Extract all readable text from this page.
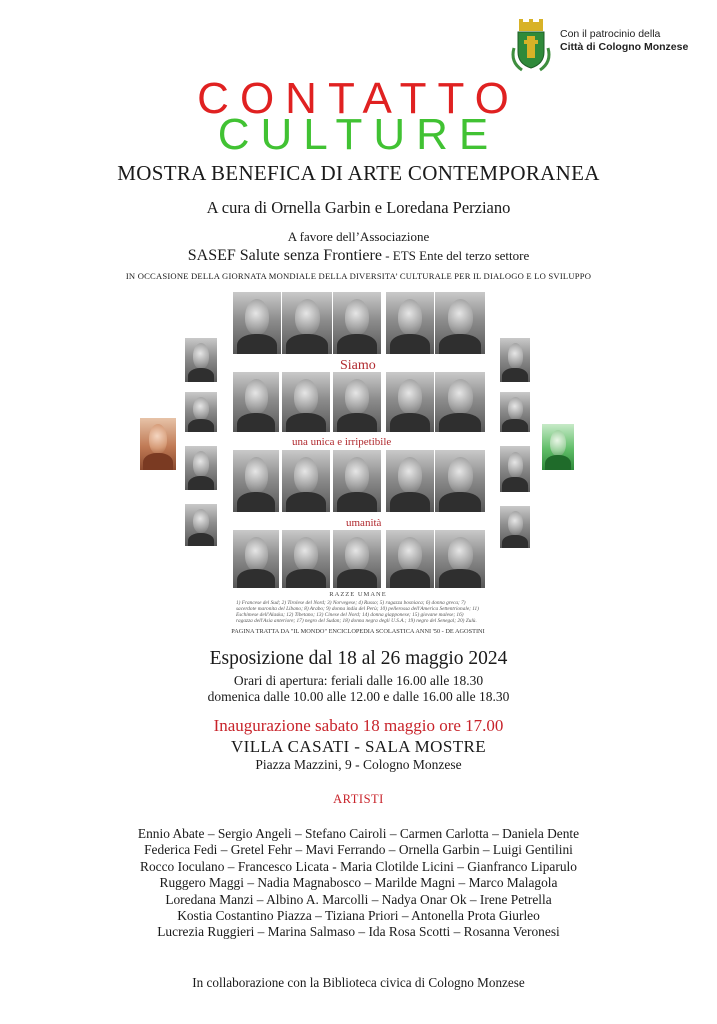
Con il patrocinio della
Città di Cologno Monzese
CONTATTO
CULTURE
MOSTRA BENEFICA DI ARTE CONTEMPORANEA
A cura di Ornella Garbin e Loredana Perziano
A favore dell’Associazione
SASEF Salute senza Frontiere - ETS Ente del terzo settore
IN OCCASIONE DELLA GIORNATA MONDIALE DELLA DIVERSITA’ CULTURALE PER IL DIALOGO E LO SVILUPPO
Siamo
una unica e irripetibile
umanità
RAZZE UMANE
1) Francese del Sud; 2) Tirolese del Nord; 3) Norvegese; 4) Russo; 5) ragazza bosniaca; 6) donna greca; 7) sacerdote maronita del Libano; 8) Arabo; 9) donna india del Perù; 10) pellerossa dell'America Settentrionale; 11) Eschimese dell'Alaska; 12) Tibetano; 13) Cinese del Nord; 14) donna giapponese; 15) giovane malese; 16) ragazza dell'Asia anteriore; 17) negro del Sudan; 18) donna negra degli U.S.A.; 19) negro del Senegal; 20) Zulù.
PAGINA TRATTA DA "IL MONDO" ENCICLOPEDIA SCOLASTICA ANNI '50 - DE AGOSTINI
Esposizione dal 18 al 26 maggio 2024
Orari di apertura: feriali dalle 16.00 alle 18.30
domenica dalle 10.00 alle 12.00 e dalle 16.00 alle 18.30
Inaugurazione sabato 18 maggio ore 17.00
VILLA CASATI - SALA MOSTRE
Piazza Mazzini, 9 - Cologno Monzese
ARTISTI
Ennio Abate – Sergio Angeli – Stefano Cairoli – Carmen Carlotta – Daniela Dente
Federica Fedi – Gretel Fehr – Mavi Ferrando – Ornella Garbin – Luigi Gentilini
Rocco Ioculano – Francesco Licata - Maria Clotilde Licini – Gianfranco Liparulo
Ruggero Maggi – Nadia Magnabosco – Marilde Magni – Marco Malagola
Loredana Manzi – Albino A. Marcolli – Nadya Onar Ok – Irene Petrella
Kostia Costantino Piazza – Tiziana Priori – Antonella Prota Giurleo
Lucrezia Ruggieri – Marina Salmaso – Ida Rosa Scotti – Rosanna Veronesi
In collaborazione con la Biblioteca civica di Cologno Monzese
